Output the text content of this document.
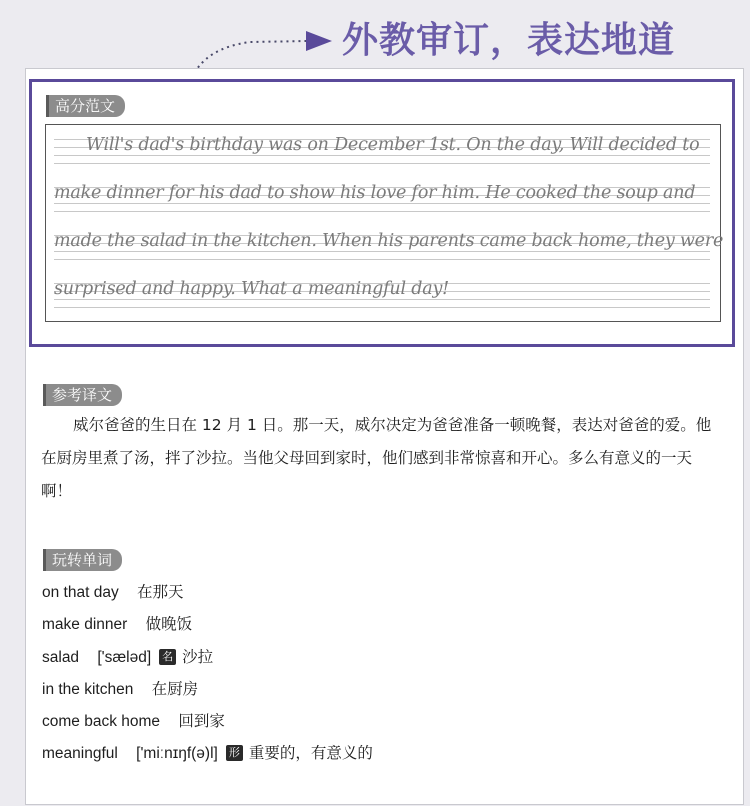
外教审订，表达地道
高分范文
Will's dad's birthday was on December 1st. On the day, Will decided to
make dinner for his dad to show his love for him. He cooked the soup and
made the salad in the kitchen. When his parents came back home, they were
surprised and happy. What a meaningful day!
参考译文
威尔爸爸的生日在 12 月 1 日。那一天，威尔决定为爸爸准备一顿晚餐，表达对爸爸的爱。他在厨房里煮了汤，拌了沙拉。当他父母回到家时，他们感到非常惊喜和开心。多么有意义的一天啊！
玩转单词
on that day 在那天
make dinner 做晚饭
salad ['sæləd] 名 沙拉
in the kitchen 在厨房
come back home 回到家
meaningful ['miːnɪŋf(ə)l] 形 重要的，有意义的
